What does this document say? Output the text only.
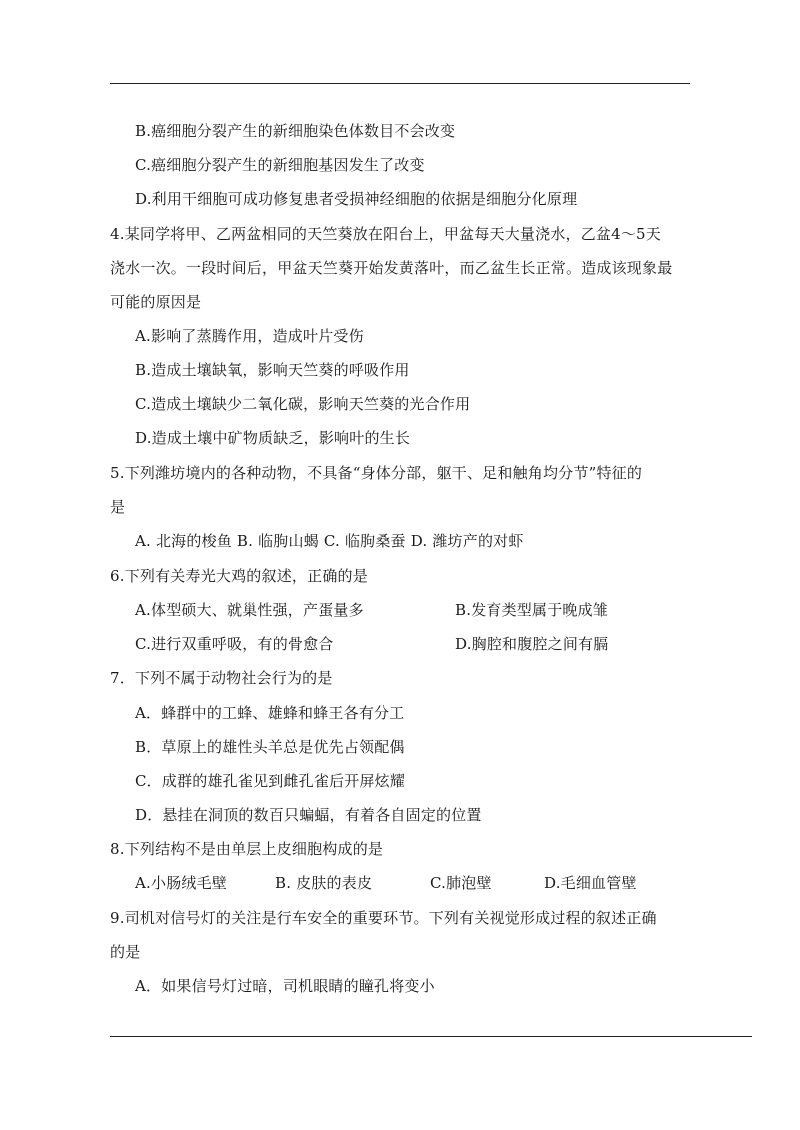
B.癌细胞分裂产生的新细胞染色体数目不会改变
C.癌细胞分裂产生的新细胞基因发生了改变
D.利用干细胞可成功修复患者受损神经细胞的依据是细胞分化原理
4.某同学将甲、乙两盆相同的天竺葵放在阳台上，甲盆每天大量浇水，乙盆4～5天
浇水一次。一段时间后，甲盆天竺葵开始发黄落叶，而乙盆生长正常。造成该现象最
可能的原因是
A.影响了蒸腾作用，造成叶片受伤
B.造成土壤缺氧，影响天竺葵的呼吸作用
C.造成土壤缺少二氧化碳，影响天竺葵的光合作用
D.造成土壤中矿物质缺乏，影响叶的生长
5.下列潍坊境内的各种动物，不具备“身体分部，躯干、足和触角均分节”特征的
是
A. 北海的梭鱼 B. 临朐山蝎 C. 临朐桑蚕 D. 潍坊产的对虾
6.下列有关寿光大鸡的叙述，正确的是
A.体型硕大、就巢性强，产蛋量多	B.发育类型属于晚成雏
C.进行双重呼吸，有的骨愈合	D.胸腔和腹腔之间有膈
7．下列不属于动物社会行为的是
A．蜂群中的工蜂、雄蜂和蜂王各有分工
B．草原上的雄性头羊总是优先占领配偶
C．成群的雄孔雀见到雌孔雀后开屏炫耀
D．悬挂在洞顶的数百只蝙蝠，有着各自固定的位置
8.下列结构不是由单层上皮细胞构成的是
A.小肠绒毛壁	B. 皮肤的表皮	C.肺泡壁	D.毛细血管壁
9.司机对信号灯的关注是行车安全的重要环节。下列有关视觉形成过程的叙述正确
的是
A．如果信号灯过暗，司机眼睛的瞳孔将变小
